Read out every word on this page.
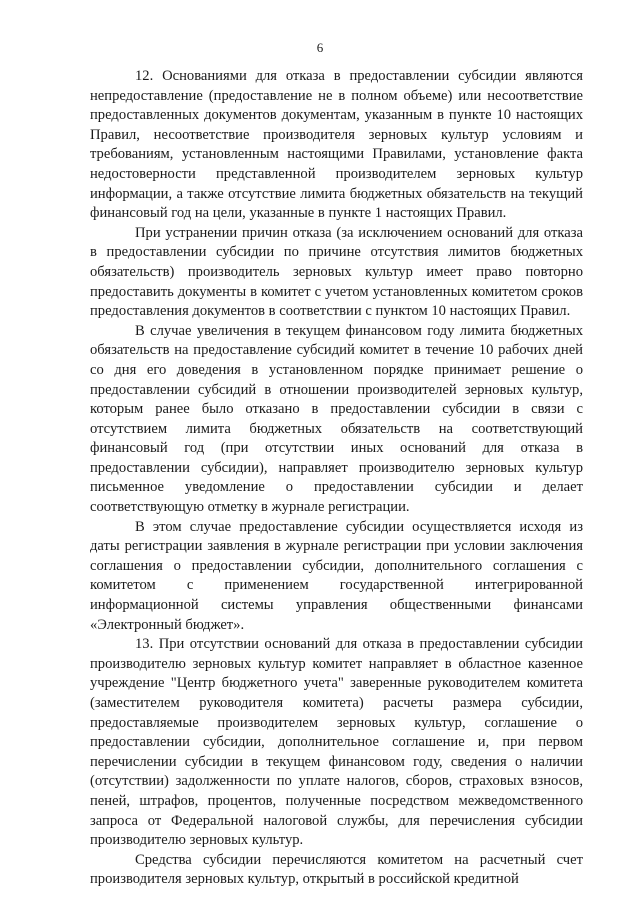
6

12. Основаниями для отказа в предоставлении субсидии являются непредоставление (предоставление не в полном объеме) или несоответствие предоставленных документов документам, указанным в пункте 10 настоящих Правил, несоответствие производителя зерновых культур условиям и требованиям, установленным настоящими Правилами, установление факта недостоверности представленной производителем зерновых культур информации, а также отсутствие лимита бюджетных обязательств на текущий финансовый год на цели, указанные в пункте 1 настоящих Правил.

При устранении причин отказа (за исключением оснований для отказа в предоставлении субсидии по причине отсутствия лимитов бюджетных обязательств) производитель зерновых культур имеет право повторно предоставить документы в комитет с учетом установленных комитетом сроков предоставления документов в соответствии с пунктом 10 настоящих Правил.

В случае увеличения в текущем финансовом году лимита бюджетных обязательств на предоставление субсидий комитет в течение 10 рабочих дней со дня его доведения в установленном порядке принимает решение о предоставлении субсидий в отношении производителей зерновых культур, которым ранее было отказано в предоставлении субсидии в связи с отсутствием лимита бюджетных обязательств на соответствующий финансовый год (при отсутствии иных оснований для отказа в предоставлении субсидии), направляет производителю зерновых культур письменное уведомление о предоставлении субсидии и делает соответствующую отметку в журнале регистрации.

В этом случае предоставление субсидии осуществляется исходя из даты регистрации заявления в журнале регистрации при условии заключения соглашения о предоставлении субсидии, дополнительного соглашения с комитетом с применением государственной интегрированной информационной системы управления общественными финансами «Электронный бюджет».

13. При отсутствии оснований для отказа в предоставлении субсидии производителю зерновых культур комитет направляет в областное казенное учреждение "Центр бюджетного учета" заверенные руководителем комитета (заместителем руководителя комитета) расчеты размера субсидии, предоставляемые производителем зерновых культур, соглашение о предоставлении субсидии, дополнительное соглашение и, при первом перечислении субсидии в текущем финансовом году, сведения о наличии (отсутствии) задолженности по уплате налогов, сборов, страховых взносов, пеней, штрафов, процентов, полученные посредством межведомственного запроса от Федеральной налоговой службы, для перечисления субсидии производителю зерновых культур.

Средства субсидии перечисляются комитетом на расчетный счет производителя зерновых культур, открытый в российской кредитной
